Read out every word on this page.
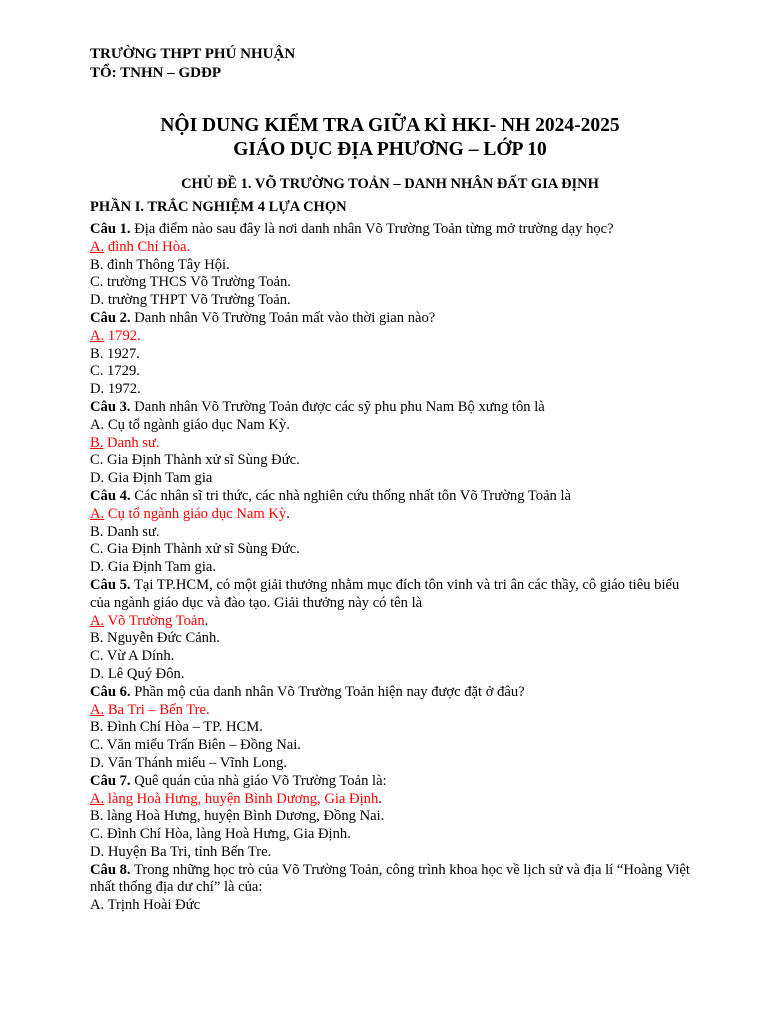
TRƯỜNG THPT PHÚ NHUẬN
TỔ: TNHN – GDĐP
NỘI DUNG KIỂM TRA GIỮA KÌ HKI- NH 2024-2025
GIÁO DỤC ĐỊA PHƯƠNG – LỚP 10
CHỦ ĐỀ 1. VÕ TRƯỜNG TOẢN – DANH NHÂN ĐẤT GIA ĐỊNH
PHẦN I. TRẮC NGHIỆM 4 LỰA CHỌN
Câu 1. Địa điểm nào sau đây là nơi danh nhân Võ Trường Toản từng mở trường dạy học?
A. đình Chí Hòa.
B. đình Thông Tây Hội.
C. trường THCS Võ Trường Toản.
D. trường THPT Võ Trường Toản.
Câu 2. Danh nhân Võ Trường Toản mất vào thời gian nào?
A. 1792.
B. 1927.
C. 1729.
D. 1972.
Câu 3. Danh nhân Võ Trường Toản được các sỹ phu phu Nam Bộ xưng tôn là
A. Cụ tổ ngành giáo dục Nam Kỳ.
B. Danh sư.
C. Gia Định Thành xử sĩ Sùng Đức.
D. Gia Định Tam gia
Câu 4. Các nhân sĩ tri thức, các nhà nghiên cứu thống nhất tôn Võ Trường Toản là
A. Cụ tổ ngành giáo dục Nam Kỳ.
B. Danh sư.
C. Gia Định Thành xử sĩ Sùng Đức.
D. Gia Định Tam gia.
Câu 5. Tại TP.HCM, có một giải thưởng nhằm mục đích tôn vinh và tri ân các thầy, cô giáo tiêu biểu của ngành giáo dục và đào tạo. Giải thưởng này có tên là
A. Võ Trường Toản.
B. Nguyễn Đức Cảnh.
C. Vừ A Dính.
D. Lê Quý Đôn.
Câu 6. Phần mộ của danh nhân Võ Trường Toản hiện nay được đặt ở đâu?
A. Ba Tri – Bến Tre.
B. Đình Chí Hòa – TP. HCM.
C. Văn miếu Trấn Biên – Đồng Nai.
D. Văn Thánh miếu – Vĩnh Long.
Câu 7. Quê quán của nhà giáo Võ Trường Toản là:
A. làng Hoà Hưng, huyện Bình Dương, Gia Định.
B. làng Hoà Hưng, huyện Bình Dương, Đồng Nai.
C. Đình Chí Hòa, làng Hoà Hưng, Gia Định.
D. Huyện Ba Tri, tỉnh Bến Tre.
Câu 8. Trong những học trò của Võ Trường Toản, công trình khoa học về lịch sử và địa lí “Hoàng Việt nhất thống địa dư chí” là của:
A. Trịnh Hoài Đức
